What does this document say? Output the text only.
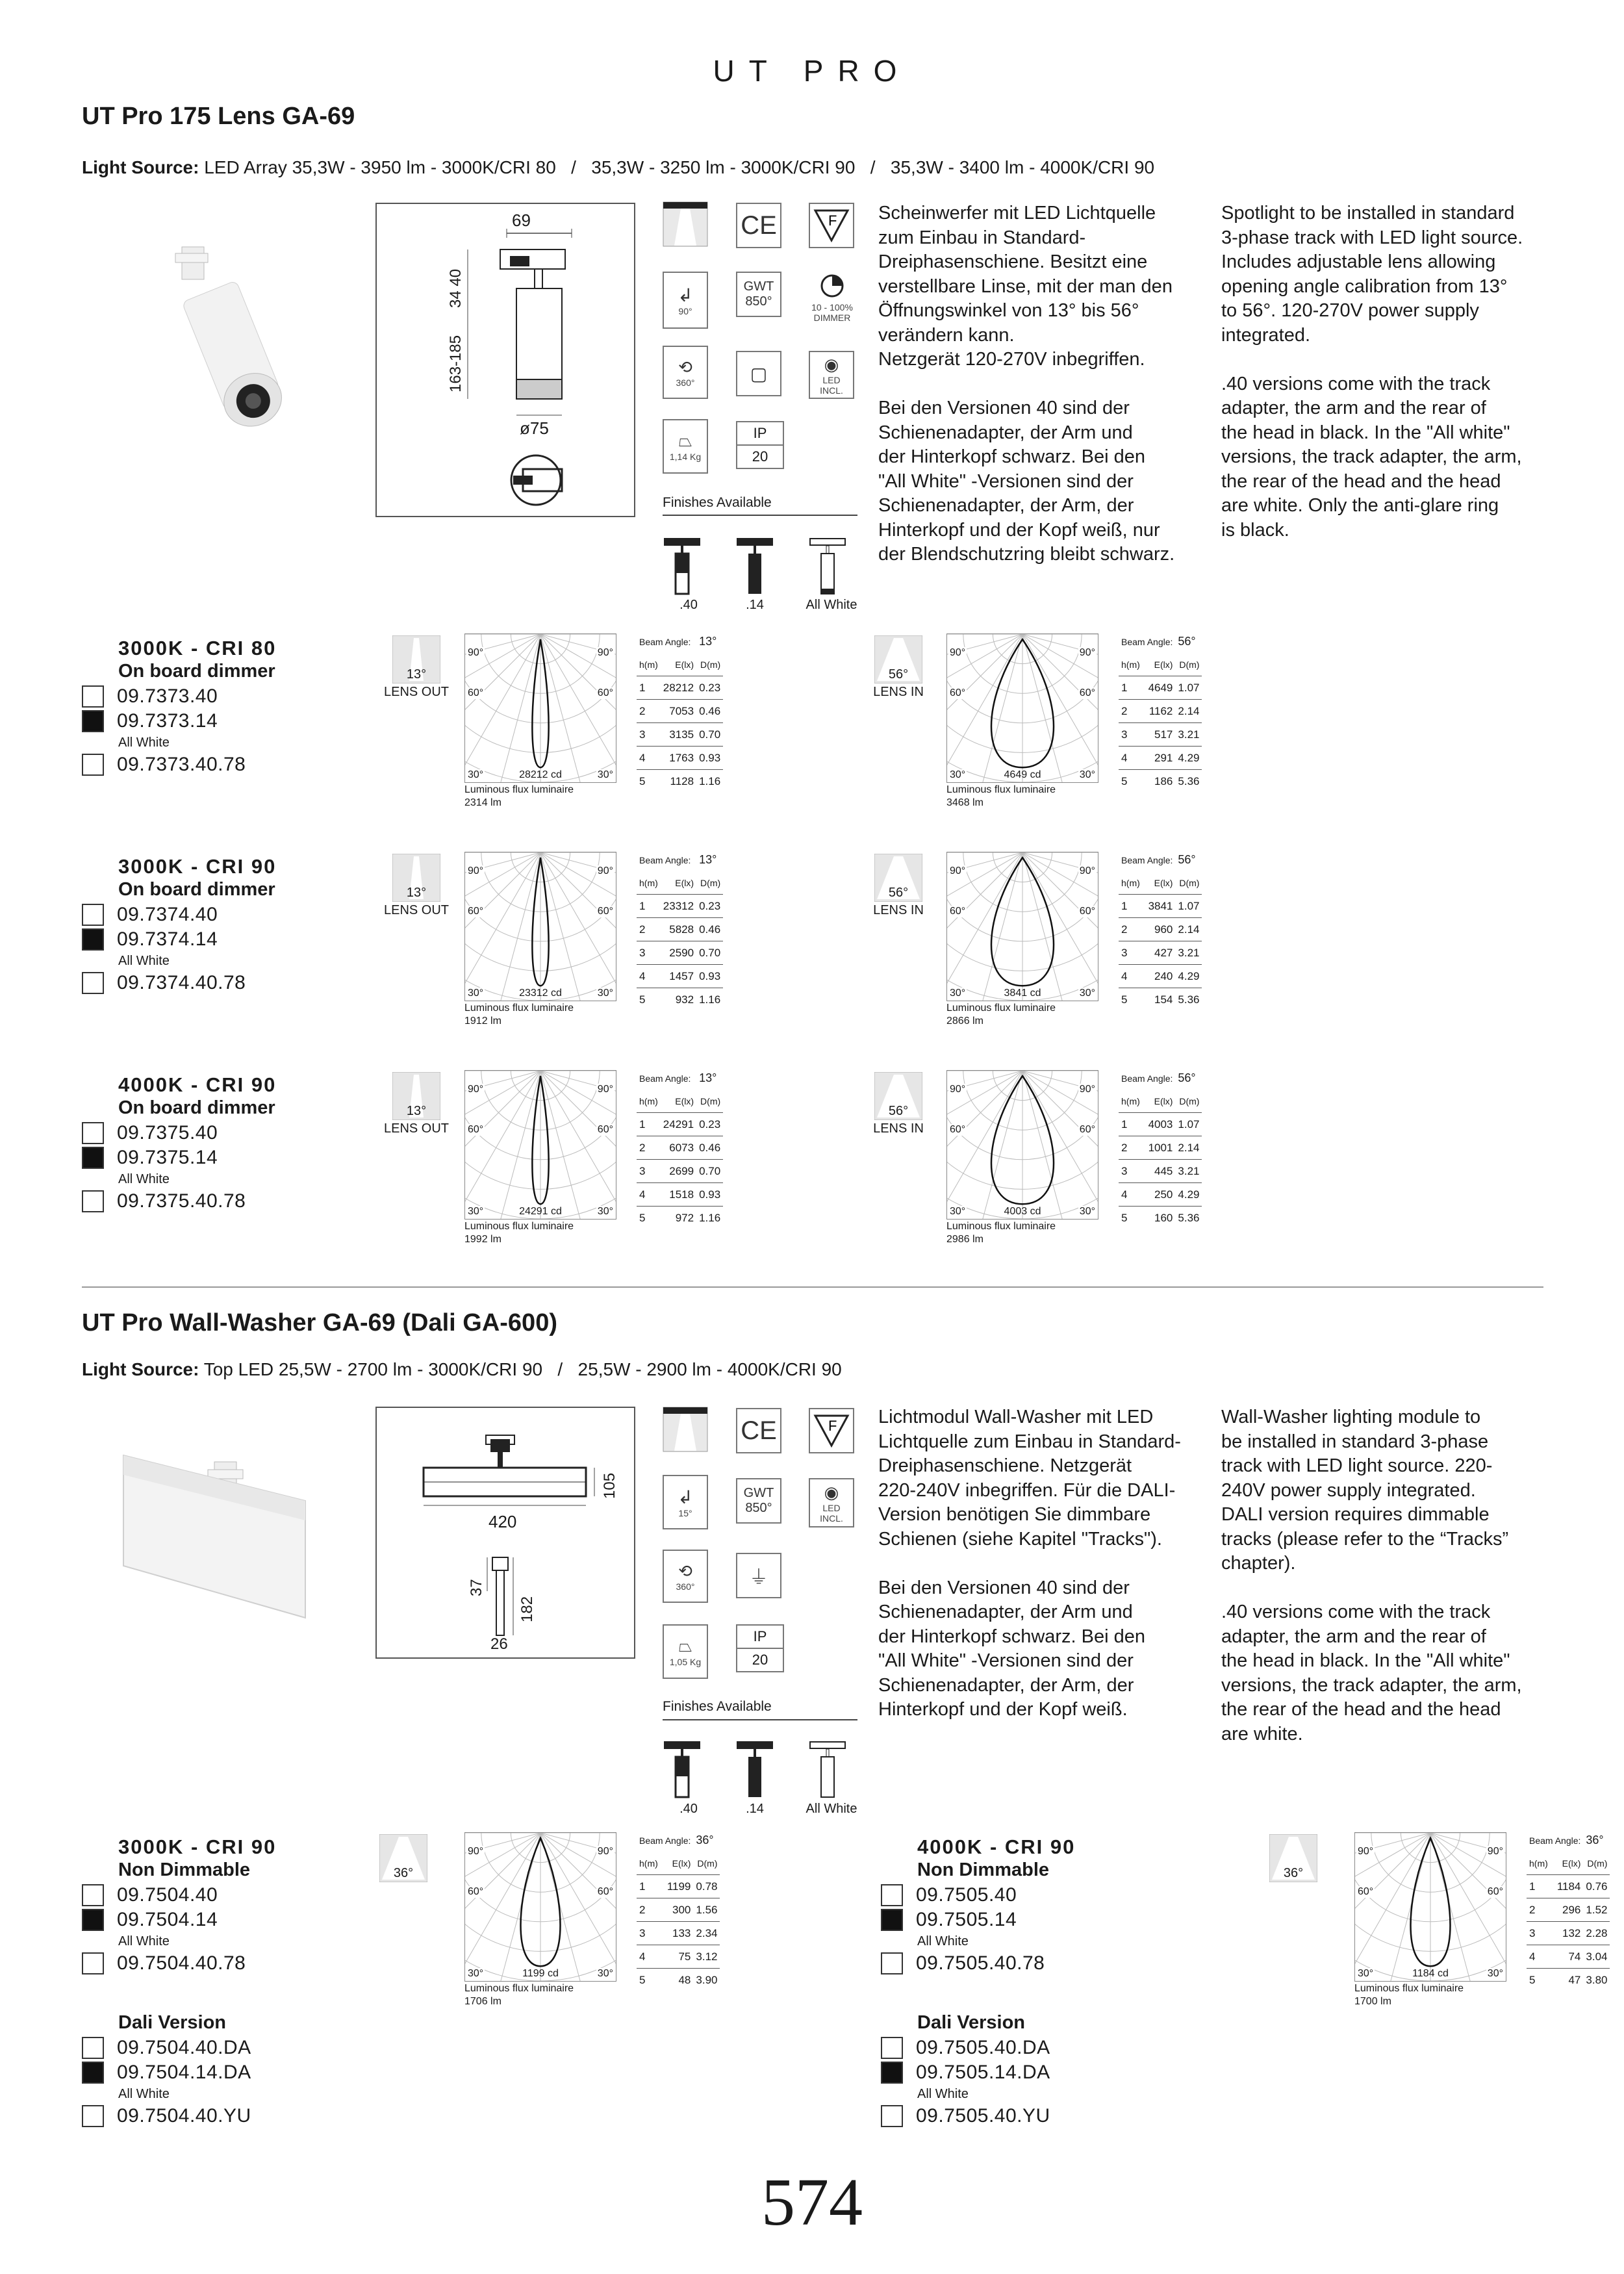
UT PRO
UT Pro 175 Lens GA-69
Light Source: LED Array 35,3W - 3950 lm - 3000K/CRI 80   /   35,3W - 3250 lm - 3000K/CRI 90   /   35,3W - 3400 lm - 4000K/CRI 90
69
34 40
163-185
ø75
CE	F
↲
90°
GWT
850°	10 - 100%
DIMMER
⟲
360°	▢	◉
LED INCL.
⏢
1,14 Kg
IP
20
Finishes Available
.40	.14	All White
Scheinwerfer mit LED Lichtquelle
zum Einbau in Standard-
Dreiphasenschiene. Besitzt eine
verstellbare Linse, mit der man den
Öffnungswinkel von 13° bis 56°
verändern kann.
Netzgerät 120-270V inbegriffen.

Bei den Versionen 40 sind der
Schienenadapter, der Arm und
der Hinterkopf schwarz. Bei den
"All White" -Versionen sind der
Schienenadapter, der Arm, der
Hinterkopf und der Kopf weiß, nur
der Blendschutzring bleibt schwarz.
Spotlight to be installed in standard
3-phase track with LED light source.
Includes adjustable lens allowing
opening angle calibration from 13°
to 56°. 120-270V power supply
integrated.

.40 versions come with the track
adapter, the arm and the rear of
the head in black. In the "All white"
versions, the track adapter, the arm,
the rear of the head and the head
are white. Only the anti-glare ring
is black.
3000K - CRI 80
On board dimmer
09.7373.40
09.7373.14
All White
09.7373.40.78
13°
LENS OUT
90°	90°
60°	60°
30°	30°
28212 cd
Luminous flux luminaire
2314 lm
Beam Angle:		13°
h(m)	E(lx)	D(m)
1	28212	0.23
2	7053	0.46
3	3135	0.70
4	1763	0.93
5	1128	1.16
56°
LENS IN
90°	90°
60°	60°
30°	30°
4649 cd
Luminous flux luminaire
3468 lm
Beam Angle:		56°
h(m)	E(lx)	D(m)
1	4649	1.07
2	1162	2.14
3	517	3.21
4	291	4.29
5	186	5.36
3000K - CRI 90
On board dimmer
09.7374.40
09.7374.14
All White
09.7374.40.78
13°
LENS OUT
90°	90°
60°	60°
30°	30°
23312 cd
Luminous flux luminaire
1912 lm
Beam Angle:		13°
h(m)	E(lx)	D(m)
1	23312	0.23
2	5828	0.46
3	2590	0.70
4	1457	0.93
5	932	1.16
56°
LENS IN
90°	90°
60°	60°
30°	30°
3841 cd
Luminous flux luminaire
2866 lm
Beam Angle:		56°
h(m)	E(lx)	D(m)
1	3841	1.07
2	960	2.14
3	427	3.21
4	240	4.29
5	154	5.36
4000K - CRI 90
On board dimmer
09.7375.40
09.7375.14
All White
09.7375.40.78
13°
LENS OUT
90°	90°
60°	60°
30°	30°
24291 cd
Luminous flux luminaire
1992 lm
Beam Angle:		13°
h(m)	E(lx)	D(m)
1	24291	0.23
2	6073	0.46
3	2699	0.70
4	1518	0.93
5	972	1.16
56°
LENS IN
90°	90°
60°	60°
30°	30°
4003 cd
Luminous flux luminaire
2986 lm
Beam Angle:		56°
h(m)	E(lx)	D(m)
1	4003	1.07
2	1001	2.14
3	445	3.21
4	250	4.29
5	160	5.36
UT Pro Wall-Washer GA-69 (Dali GA-600)
Light Source: Top LED 25,5W - 2700 lm - 3000K/CRI 90   /   25,5W - 2900 lm - 4000K/CRI 90
420
105
37
182
26
CE	F
↲
15°
GWT
850°
◉
LED INCL.
⟲
360°	⏚
⏢
1,05 Kg
IP
20
Finishes Available
.40	.14	All White
Lichtmodul Wall-Washer mit LED
Lichtquelle zum Einbau in Standard-
Dreiphasenschiene. Netzgerät
220-240V inbegriffen. Für die DALI-
Version benötigen Sie dimmbare
Schienen (siehe Kapitel "Tracks").

Bei den Versionen 40 sind der
Schienenadapter, der Arm und
der Hinterkopf schwarz. Bei den
"All White" -Versionen sind der
Schienenadapter, der Arm, der
Hinterkopf und der Kopf weiß.
Wall-Washer lighting module to
be installed in standard 3-phase
track with LED light source. 220-
240V power supply integrated.
DALI version requires dimmable
tracks (please refer to the “Tracks”
chapter).

.40 versions come with the track
adapter, the arm and the rear of
the head in black. In the "All white"
versions, the track adapter, the arm,
the rear of the head and the head
are white.
3000K - CRI 90
Non Dimmable
09.7504.40
09.7504.14
All White
09.7504.40.78
Dali Version
09.7504.40.DA
09.7504.14.DA
All White
09.7504.40.YU
36°
90°	90°
60°	60°
30°	30°
1199 cd
Luminous flux luminaire
1706 lm
Beam Angle:		36°
h(m)	E(lx)	D(m)
1	1199	0.78
2	300	1.56
3	133	2.34
4	75	3.12
5	48	3.90
4000K - CRI 90
Non Dimmable
09.7505.40
09.7505.14
All White
09.7505.40.78
Dali Version
09.7505.40.DA
09.7505.14.DA
All White
09.7505.40.YU
36°
90°	90°
60°	60°
30°	30°
1184 cd
Luminous flux luminaire
1700 lm
Beam Angle:		36°
h(m)	E(lx)	D(m)
1	1184	0.76
2	296	1.52
3	132	2.28
4	74	3.04
5	47	3.80
574
